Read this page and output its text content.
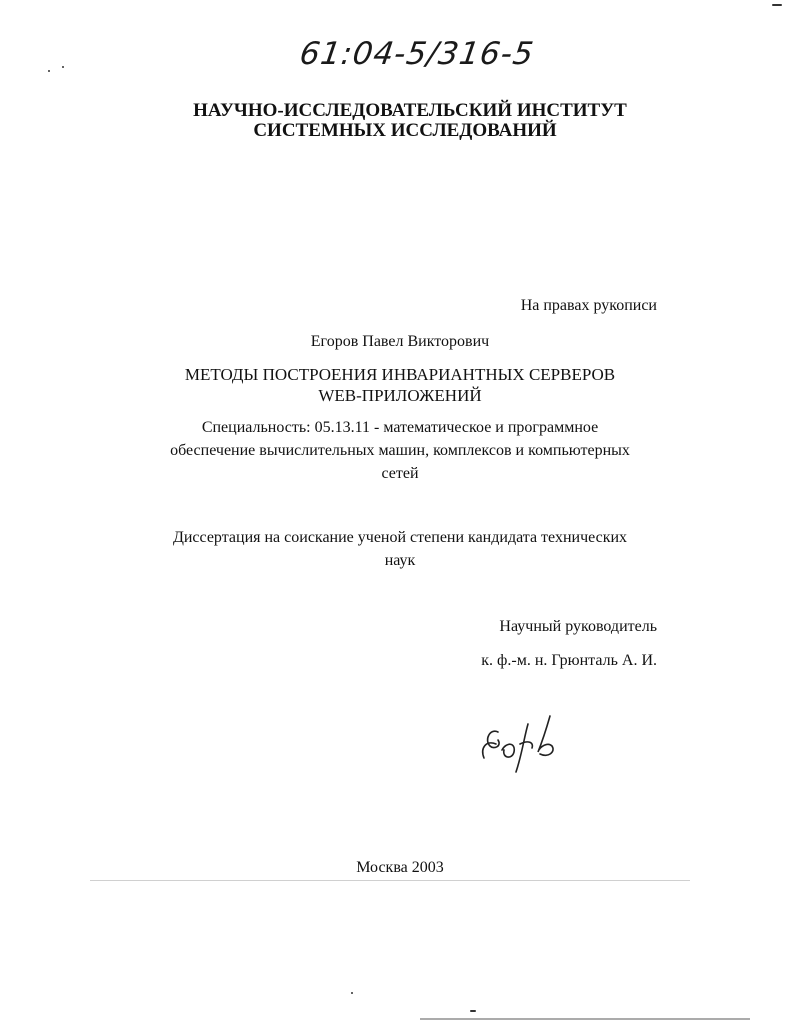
61:04-5/316-5
НАУЧНО-ИССЛЕДОВАТЕЛЬСКИЙ ИНСТИТУТ
СИСТЕМНЫХ ИССЛЕДОВАНИЙ
На правах рукописи
Егоров Павел Викторович
МЕТОДЫ ПОСТРОЕНИЯ ИНВАРИАНТНЫХ СЕРВЕРОВ
WEB-ПРИЛОЖЕНИЙ
Специальность: 05.13.11 - математическое и программное
обеспечение вычислительных машин, комплексов и компьютерных
сетей
Диссертация на соискание ученой степени кандидата технических
наук
Научный руководитель
к. ф.-м. н. Грюнталь А. И.
Москва 2003
